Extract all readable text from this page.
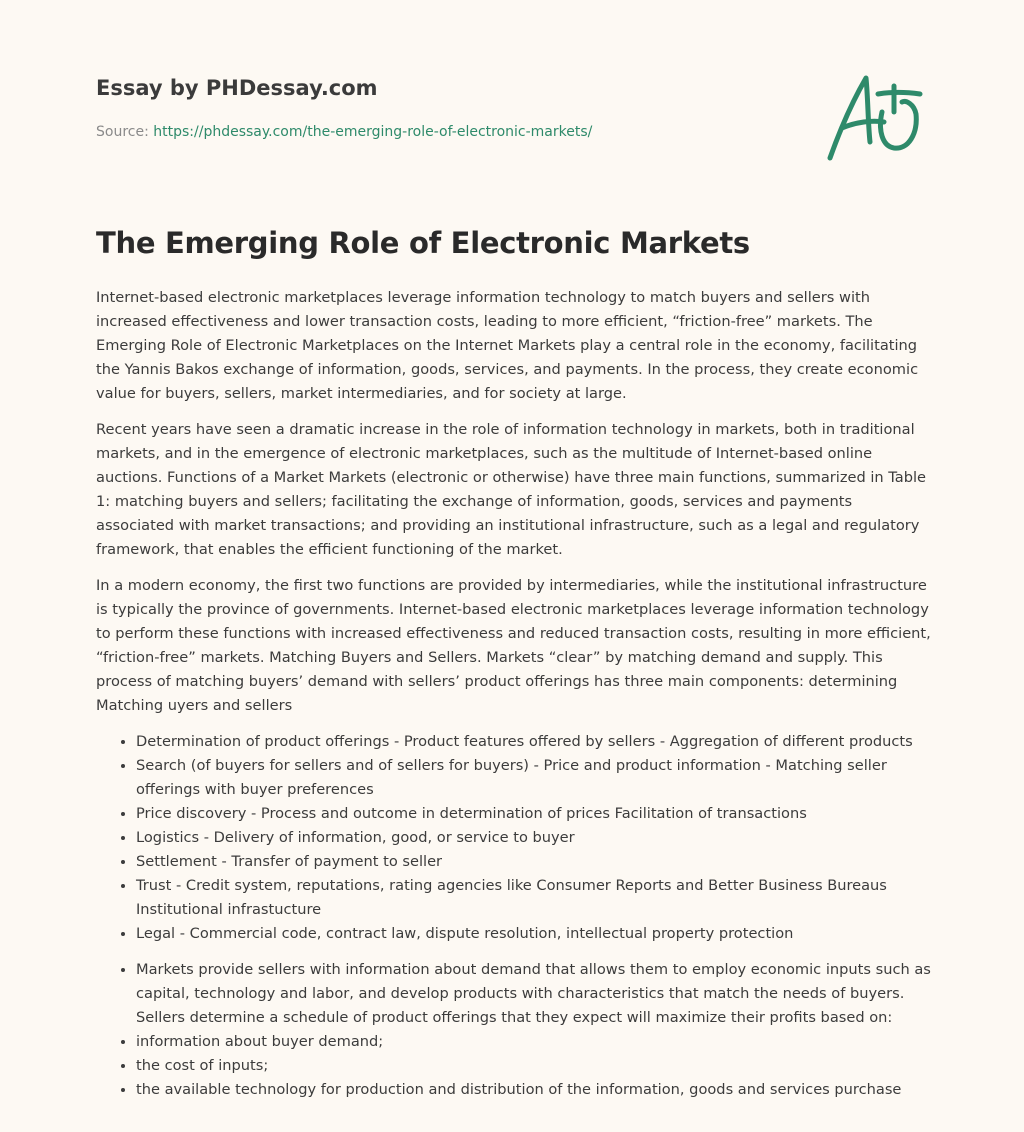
Essay by PHDessay.com
Source: https://phdessay.com/the-emerging-role-of-electronic-markets/
The Emerging Role of Electronic Markets

Internet-based electronic marketplaces leverage information technology to match buyers and sellers with increased effectiveness and lower transaction costs, leading to more efficient, “friction-free” markets. The Emerging Role of Electronic Marketplaces on the Internet Markets play a central role in the economy, facilitating the Yannis Bakos exchange of information, goods, services, and payments. In the process, they create economic value for buyers, sellers, market intermediaries, and for society at large.

Recent years have seen a dramatic increase in the role of information technology in markets, both in traditional markets, and in the emergence of electronic marketplaces, such as the multitude of Internet-based online auctions. Functions of a Market Markets (electronic or otherwise) have three main functions, summarized in Table 1: matching buyers and sellers; facilitating the exchange of information, goods, services and payments associated with market transactions; and providing an institutional infrastructure, such as a legal and regulatory framework, that enables the efficient functioning of the market.

In a modern economy, the first two functions are provided by intermediaries, while the institutional infrastructure is typically the province of governments. Internet-based electronic marketplaces leverage information technology to perform these functions with increased effectiveness and reduced transaction costs, resulting in more efficient, “friction-free” markets. Matching Buyers and Sellers. Markets “clear” by matching demand and supply. This process of matching buyers’ demand with sellers’ product offerings has three main components: determining Matching uyers and sellers

• Determination of product offerings - Product features offered by sellers - Aggregation of different products
• Search (of buyers for sellers and of sellers for buyers) - Price and product information - Matching seller offerings with buyer preferences
• Price discovery - Process and outcome in determination of prices Facilitation of transactions
• Logistics - Delivery of information, good, or service to buyer
• Settlement - Transfer of payment to seller
• Trust - Credit system, reputations, rating agencies like Consumer Reports and Better Business Bureaus Institutional infrastucture
• Legal - Commercial code, contract law, dispute resolution, intellectual property protection
• Markets provide sellers with information about demand that allows them to employ economic inputs such as capital, technology and labor, and develop products with characteristics that match the needs of buyers. Sellers determine a schedule of product offerings that they expect will maximize their profits based on:
• information about buyer demand;
• the cost of inputs;
• the available technology for production and distribution of the information, goods and services purchase
